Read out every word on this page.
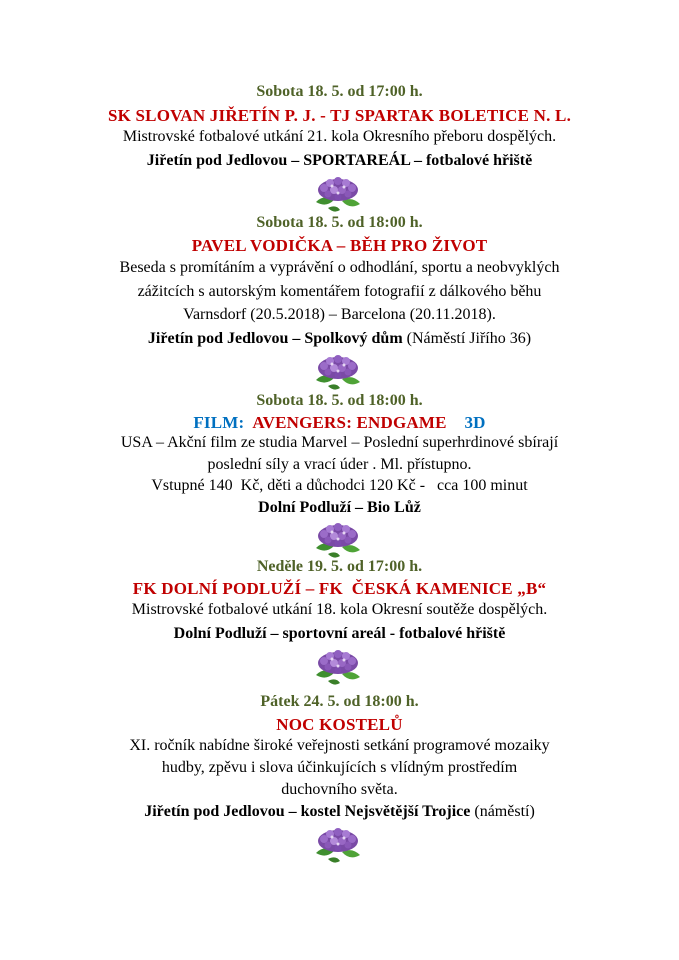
Sobota 18. 5. od 17:00 h.
SK SLOVAN JIŘETÍN P. J. - TJ SPARTAK BOLETICE N. L.
Mistrovské fotbalové utkání 21. kola Okresního přeboru dospělých.
Jiřetín pod Jedlovou – SPORTAREÁL – fotbalové hřiště
Sobota 18. 5. od 18:00 h.
PAVEL VODIČKA – BĚH PRO ŽIVOT
Beseda s promítáním a vyprávění o odhodlání, sportu a neobvyklých
zážitcích s autorským komentářem fotografií z dálkového běhu
Varnsdorf (20.5.2018) – Barcelona (20.11.2018).
Jiřetín pod Jedlovou – Spolkový dům (Náměstí Jiřího 36)
Sobota 18. 5. od 18:00 h.
FILM:  AVENGERS: ENDGAME    3D
USA – Akční film ze studia Marvel – Poslední superhrdinové sbírají
poslední síly a vrací úder . Ml. přístupno.
Vstupné 140  Kč, děti a důchodci 120 Kč -   cca 100 minut
Dolní Podluží – Bio Lůž
Neděle 19. 5. od 17:00 h.
FK DOLNÍ PODLUŽÍ – FK  ČESKÁ KAMENICE „B“
Mistrovské fotbalové utkání 18. kola Okresní soutěže dospělých.
Dolní Podluží – sportovní areál - fotbalové hřiště
Pátek 24. 5. od 18:00 h.
NOC KOSTELŮ
XI. ročník nabídne široké veřejnosti setkání programové mozaiky
hudby, zpěvu i slova účinkujících s vlídným prostředím
duchovního světa.
Jiřetín pod Jedlovou – kostel Nejsvětější Trojice (náměstí)
